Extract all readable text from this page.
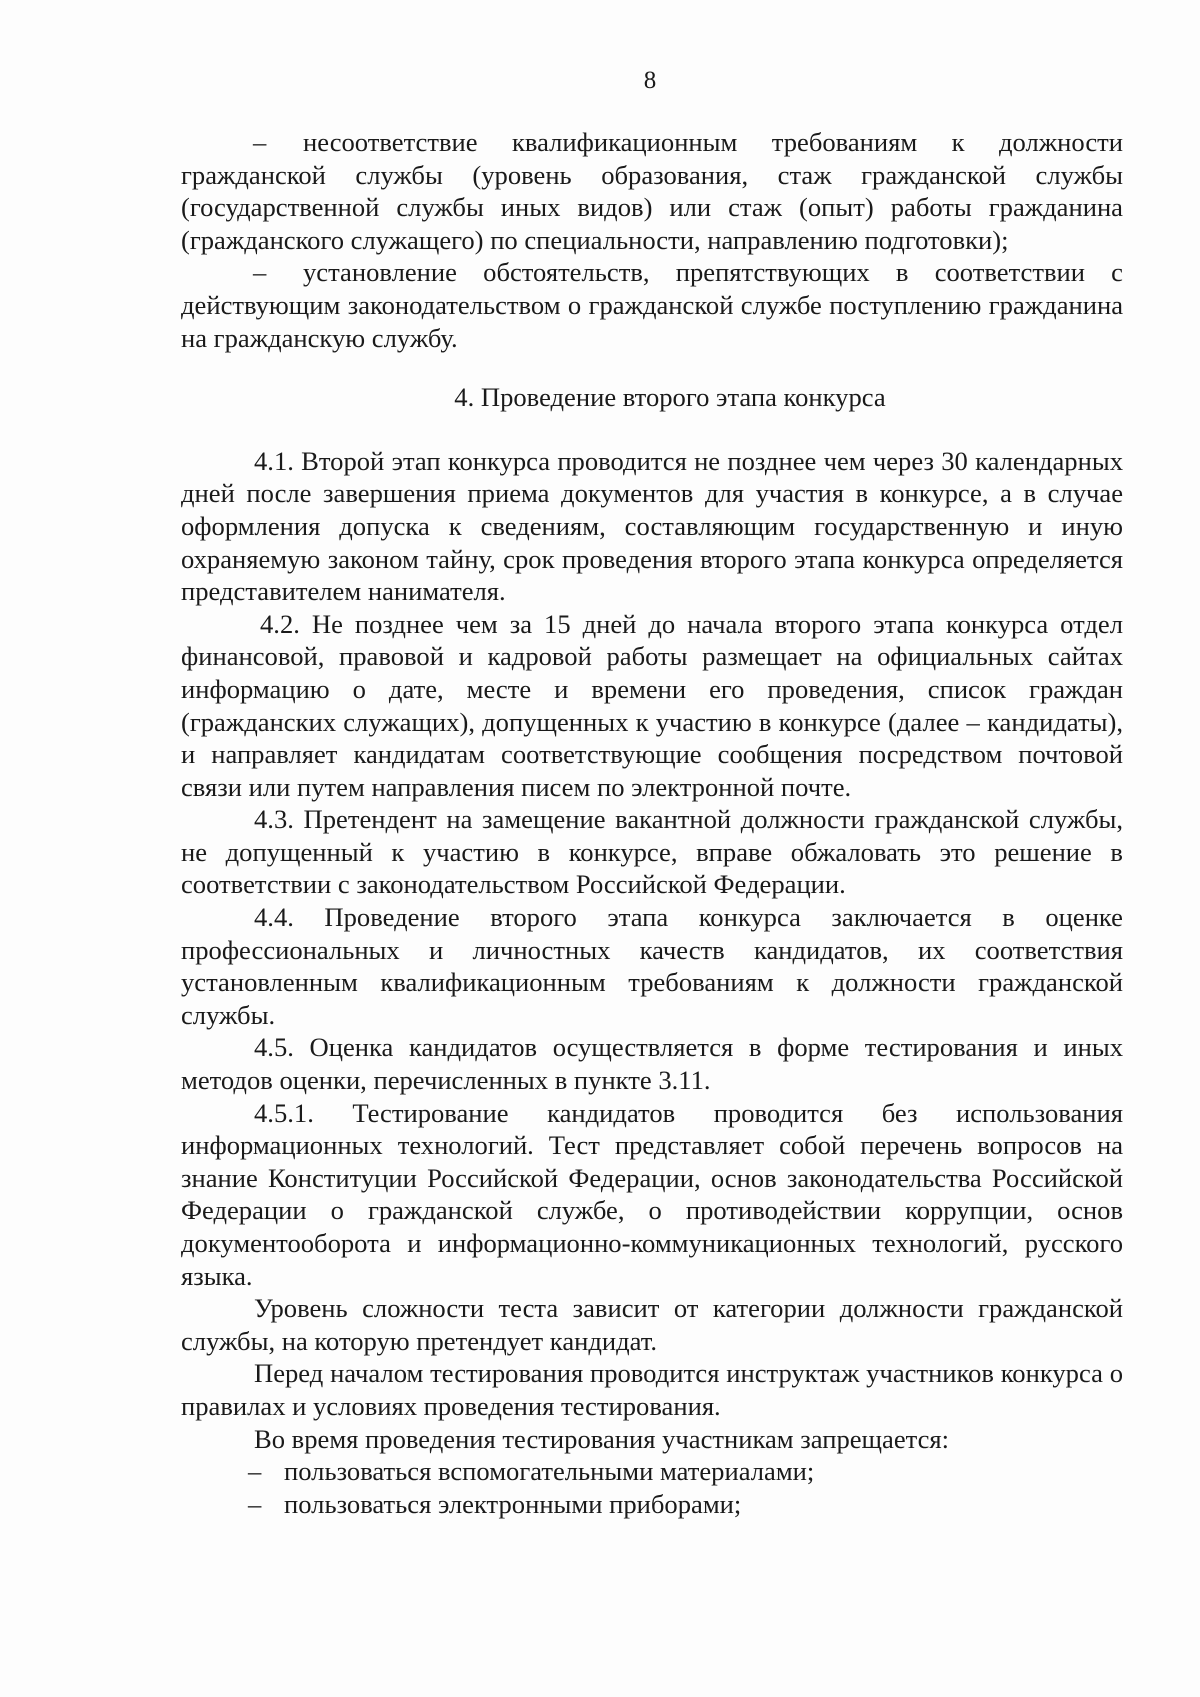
8

– несоответствие квалификационным требованиям к должности гражданской службы (уровень образования, стаж гражданской службы (государственной службы иных видов) или стаж (опыт) работы гражданина (гражданского служащего) по специальности, направлению подготовки);

– установление обстоятельств, препятствующих в соответствии с действующим законодательством о гражданской службе поступлению гражданина на гражданскую службу.

4. Проведение второго этапа конкурса

4.1. Второй этап конкурса проводится не позднее чем через 30 календарных дней после завершения приема документов для участия в конкурсе, а в случае оформления допуска к сведениям, составляющим государственную и иную охраняемую законом тайну, срок проведения второго этапа конкурса определяется представителем нанимателя.

4.2. Не позднее чем за 15 дней до начала второго этапа конкурса отдел финансовой, правовой и кадровой работы размещает на официальных сайтах информацию о дате, месте и времени его проведения, список граждан (гражданских служащих), допущенных к участию в конкурсе (далее – кандидаты), и направляет кандидатам соответствующие сообщения посредством почтовой связи или путем направления писем по электронной почте.

4.3. Претендент на замещение вакантной должности гражданской службы, не допущенный к участию в конкурсе, вправе обжаловать это решение в соответствии с законодательством Российской Федерации.

4.4. Проведение второго этапа конкурса заключается в оценке профессиональных и личностных качеств кандидатов, их соответствия установленным квалификационным требованиям к должности гражданской службы.

4.5. Оценка кандидатов осуществляется в форме тестирования и иных методов оценки, перечисленных в пункте 3.11.

4.5.1. Тестирование кандидатов проводится без использования информационных технологий. Тест представляет собой перечень вопросов на знание Конституции Российской Федерации, основ законодательства Российской Федерации о гражданской службе, о противодействии коррупции, основ документооборота и информационно-коммуникационных технологий, русского языка.

Уровень сложности теста зависит от категории должности гражданской службы, на которую претендует кандидат.

Перед началом тестирования проводится инструктаж участников конкурса о правилах и условиях проведения тестирования.

Во время проведения тестирования участникам запрещается:

– пользоваться вспомогательными материалами;

– пользоваться электронными приборами;
